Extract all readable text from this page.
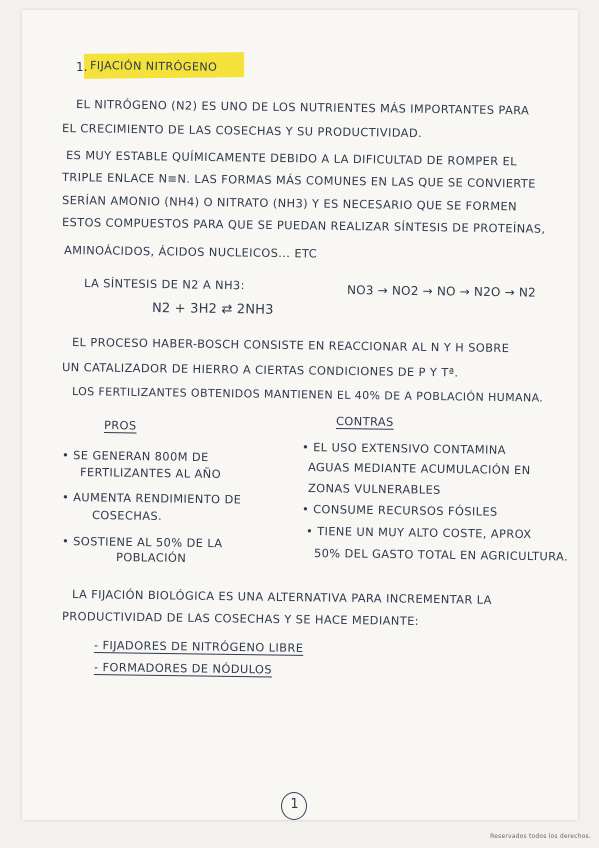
1. FIJACIÓN NITRÓGENO
EL NITRÓGENO (N2) ES UNO DE LOS NUTRIENTES MÁS IMPORTANTES PARA
EL CRECIMIENTO DE LAS COSECHAS Y SU PRODUCTIVIDAD.
ES MUY ESTABLE QUÍMICAMENTE DEBIDO A LA DIFICULTAD DE ROMPER EL
TRIPLE ENLACE N≡N. LAS FORMAS MÁS COMUNES EN LAS QUE SE CONVIERTE
SERÍAN AMONIO (NH4) O NITRATO (NH3) Y ES NECESARIO QUE SE FORMEN
ESTOS COMPUESTOS PARA QUE SE PUEDAN REALIZAR SÍNTESIS DE PROTEÍNAS,
AMINOÁCIDOS, ÁCIDOS NUCLEICOS... ETC
LA SÍNTESIS DE N2 A NH3:
N2 + 3H2 ⇄ 2NH3
NO3 → NO2 → NO → N2O → N2
EL PROCESO HABER-BOSCH CONSISTE EN REACCIONAR AL N Y H SOBRE
UN CATALIZADOR DE HIERRO A CIERTAS CONDICIONES DE P Y Tª.
LOS FERTILIZANTES OBTENIDOS MANTIENEN EL 40% DE A POBLACIÓN HUMANA.
PROS
• SE GENERAN 800M DE
FERTILIZANTES AL AÑO
• AUMENTA RENDIMIENTO DE
COSECHAS.
• SOSTIENE AL 50% DE LA
POBLACIÓN
CONTRAS
• EL USO EXTENSIVO CONTAMINA
AGUAS MEDIANTE ACUMULACIÓN EN
ZONAS VULNERABLES
• CONSUME RECURSOS FÓSILES
• TIENE UN MUY ALTO COSTE, APROX
50% DEL GASTO TOTAL EN AGRICULTURA.
LA FIJACIÓN BIOLÓGICA ES UNA ALTERNATIVA PARA INCREMENTAR LA
PRODUCTIVIDAD DE LAS COSECHAS Y SE HACE MEDIANTE:
- FIJADORES DE NITRÓGENO LIBRE
- FORMADORES DE NÓDULOS
1
Reservados todos los derechos.
